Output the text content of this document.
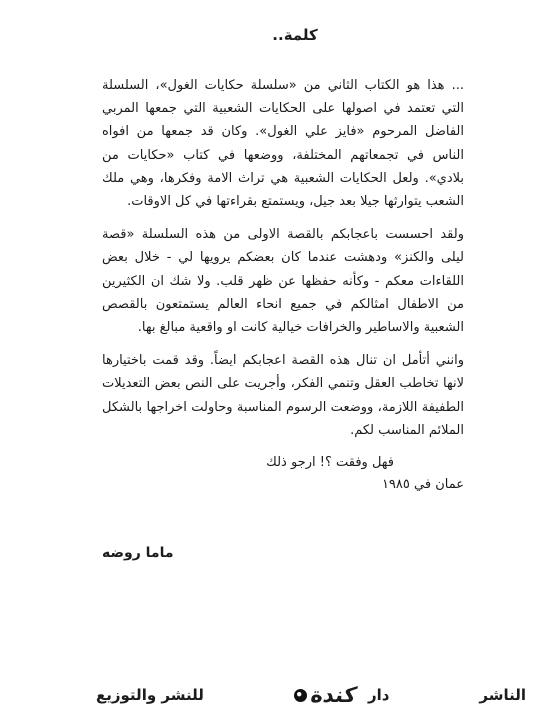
كلمة..

... هذا هو الكتاب الثاني من «سلسلة حكايات الغول»، السلسلة التي تعتمد في اصولها على الحكايات الشعبية التي جمعها المربي الفاضل المرحوم «فايز علي الغول». وكان قد جمعها من افواه الناس في تجمعاتهم المختلفة، ووضعها في كتاب «حكايات من بلادي». ولعل الحكايات الشعبية هي تراث الامة وفكرها، وهي ملك الشعب يتوارثها جيلا بعد جيل، ويستمتع بقراءتها في كل الاوقات.

ولقد احسست باعجابكم بالقصة الاولى من هذه السلسلة «قصة ليلى والكنز» ودهشت عندما كان بعضكم يرويها لي - خلال بعض اللقاءات معكم - وكأنه حفظها عن ظهر قلب. ولا شك ان الكثيرين من الاطفال امثالكم في جميع انحاء العالم يستمتعون بالقصص الشعبية والاساطير والخرافات خيالية كانت او واقعية مبالغ بها.

وانني أتأمل ان تنال هذه القصة اعجابكم ايضاً. وقد قمت باختيارها لانها تخاطب العقل وتنمي الفكر، وأجريت على النص بعض التعديلات الطفيفة اللازمة، ووضعت الرسوم المناسبة وحاولت اخراجها بالشكل الملائم المناسب لكم.

فهل وفقت ؟! ارجو ذلك
عمان في ١٩٨٥
ماما روضه
الناشر
دار
كندة
للنشر والتوزيع
